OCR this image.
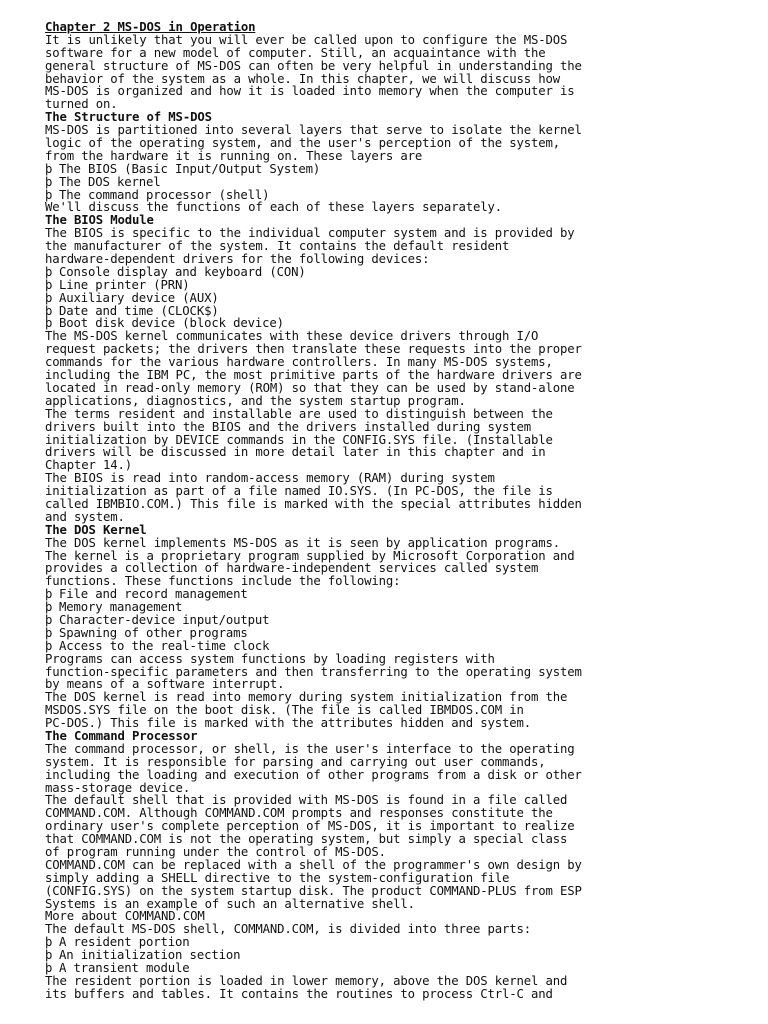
Chapter 2 MS-DOS in Operation
It is unlikely that you will ever be called upon to configure the MS-DOS
software for a new model of computer. Still, an acquaintance with the
general structure of MS-DOS can often be very helpful in understanding the
behavior of the system as a whole. In this chapter, we will discuss how
MS-DOS is organized and how it is loaded into memory when the computer is
turned on.
The Structure of MS-DOS
MS-DOS is partitioned into several layers that serve to isolate the kernel
logic of the operating system, and the user's perception of the system,
from the hardware it is running on. These layers are
þ The BIOS (Basic Input/Output System)
þ The DOS kernel
þ The command processor (shell)
We'll discuss the functions of each of these layers separately.
The BIOS Module
The BIOS is specific to the individual computer system and is provided by
the manufacturer of the system. It contains the default resident
hardware-dependent drivers for the following devices:
þ Console display and keyboard (CON)
þ Line printer (PRN)
þ Auxiliary device (AUX)
þ Date and time (CLOCK$)
þ Boot disk device (block device)
The MS-DOS kernel communicates with these device drivers through I/O
request packets; the drivers then translate these requests into the proper
commands for the various hardware controllers. In many MS-DOS systems,
including the IBM PC, the most primitive parts of the hardware drivers are
located in read-only memory (ROM) so that they can be used by stand-alone
applications, diagnostics, and the system startup program.
The terms resident and installable are used to distinguish between the
drivers built into the BIOS and the drivers installed during system
initialization by DEVICE commands in the CONFIG.SYS file. (Installable
drivers will be discussed in more detail later in this chapter and in
Chapter 14.)
The BIOS is read into random-access memory (RAM) during system
initialization as part of a file named IO.SYS. (In PC-DOS, the file is
called IBMBIO.COM.) This file is marked with the special attributes hidden
and system.
The DOS Kernel
The DOS kernel implements MS-DOS as it is seen by application programs.
The kernel is a proprietary program supplied by Microsoft Corporation and
provides a collection of hardware-independent services called system
functions. These functions include the following:
þ File and record management
þ Memory management
þ Character-device input/output
þ Spawning of other programs
þ Access to the real-time clock
Programs can access system functions by loading registers with
function-specific parameters and then transferring to the operating system
by means of a software interrupt.
The DOS kernel is read into memory during system initialization from the
MSDOS.SYS file on the boot disk. (The file is called IBMDOS.COM in
PC-DOS.) This file is marked with the attributes hidden and system.
The Command Processor
The command processor, or shell, is the user's interface to the operating
system. It is responsible for parsing and carrying out user commands,
including the loading and execution of other programs from a disk or other
mass-storage device.
The default shell that is provided with MS-DOS is found in a file called
COMMAND.COM. Although COMMAND.COM prompts and responses constitute the
ordinary user's complete perception of MS-DOS, it is important to realize
that COMMAND.COM is not the operating system, but simply a special class
of program running under the control of MS-DOS.
COMMAND.COM can be replaced with a shell of the programmer's own design by
simply adding a SHELL directive to the system-configuration file
(CONFIG.SYS) on the system startup disk. The product COMMAND-PLUS from ESP
Systems is an example of such an alternative shell.
More about COMMAND.COM
The default MS-DOS shell, COMMAND.COM, is divided into three parts:
þ A resident portion
þ An initialization section
þ A transient module
The resident portion is loaded in lower memory, above the DOS kernel and
its buffers and tables. It contains the routines to process Ctrl-C and
